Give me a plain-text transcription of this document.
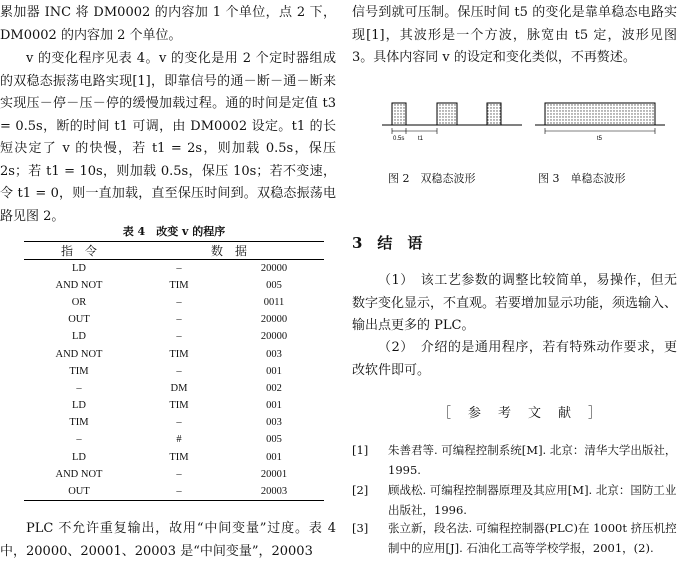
累加器 INC 将 DM0002 的内容加 1 个单位，点 2 下，DM0002 的内容加 2 个单位。

v 的变化程序见表 4。v 的变化是用 2 个定时器组成的双稳态振荡电路实现[1]，即靠信号的通－断－通－断来实现压－停－压－停的缓慢加载过程。通的时间是定值 t3 = 0.5s，断的时间 t1 可调，由 DM0002 设定。t1 的长短决定了 v 的快慢，若 t1 = 2s，则加载 0.5s，保压 2s；若 t1 = 10s，则加载 0.5s，保压 10s；若不变速，令 t1 = 0，则一直加载，直至保压时间到。双稳态振荡电路见图 2。

表 4　改变 v 的程序
指　令	数　据	
LD	–	20000
AND NOT	TIM	005
OR	–	0011
OUT	–	20000
LD	–	20000
AND NOT	TIM	003
TIM	–	001
–	DM	002
LD	TIM	001
TIM	–	003
–	#	005
LD	TIM	001
AND NOT	–	20001
OUT	–	20003

PLC 不允许重复输出，故用“中间变量”过度。表 4 中，20000、20001、20003 是“中间变量”，20003

信号到就可压制。保压时间 t5 的变化是靠单稳态电路实现[1]，其波形是一个方波，脉宽由 t5 定，波形见图 3。具体内容同 v 的设定和变化类似，不再赘述。

0.5s t1	t5
图 2　双稳态波形	图 3　单稳态波形
3　结　语

（1）　该工艺参数的调整比较简单，易操作，但无数字变化显示，不直观。若要增加显示功能，须选输入、输出点更多的 PLC。

（2）　介绍的是通用程序，若有特殊动作要求，更改软件即可。

［　参　考　文　献　］
[1]	朱善君等. 可编程控制系统[M]. 北京：清华大学出版社，1995.
[2]	顾战松. 可编程控制器原理及其应用[M]. 北京：国防工业出版社，1996.
[3]	张立新，段名法. 可编程控制器(PLC)在 1000t 挤压机控制中的应用[J]. 石油化工高等学校学报，2001，(2).
